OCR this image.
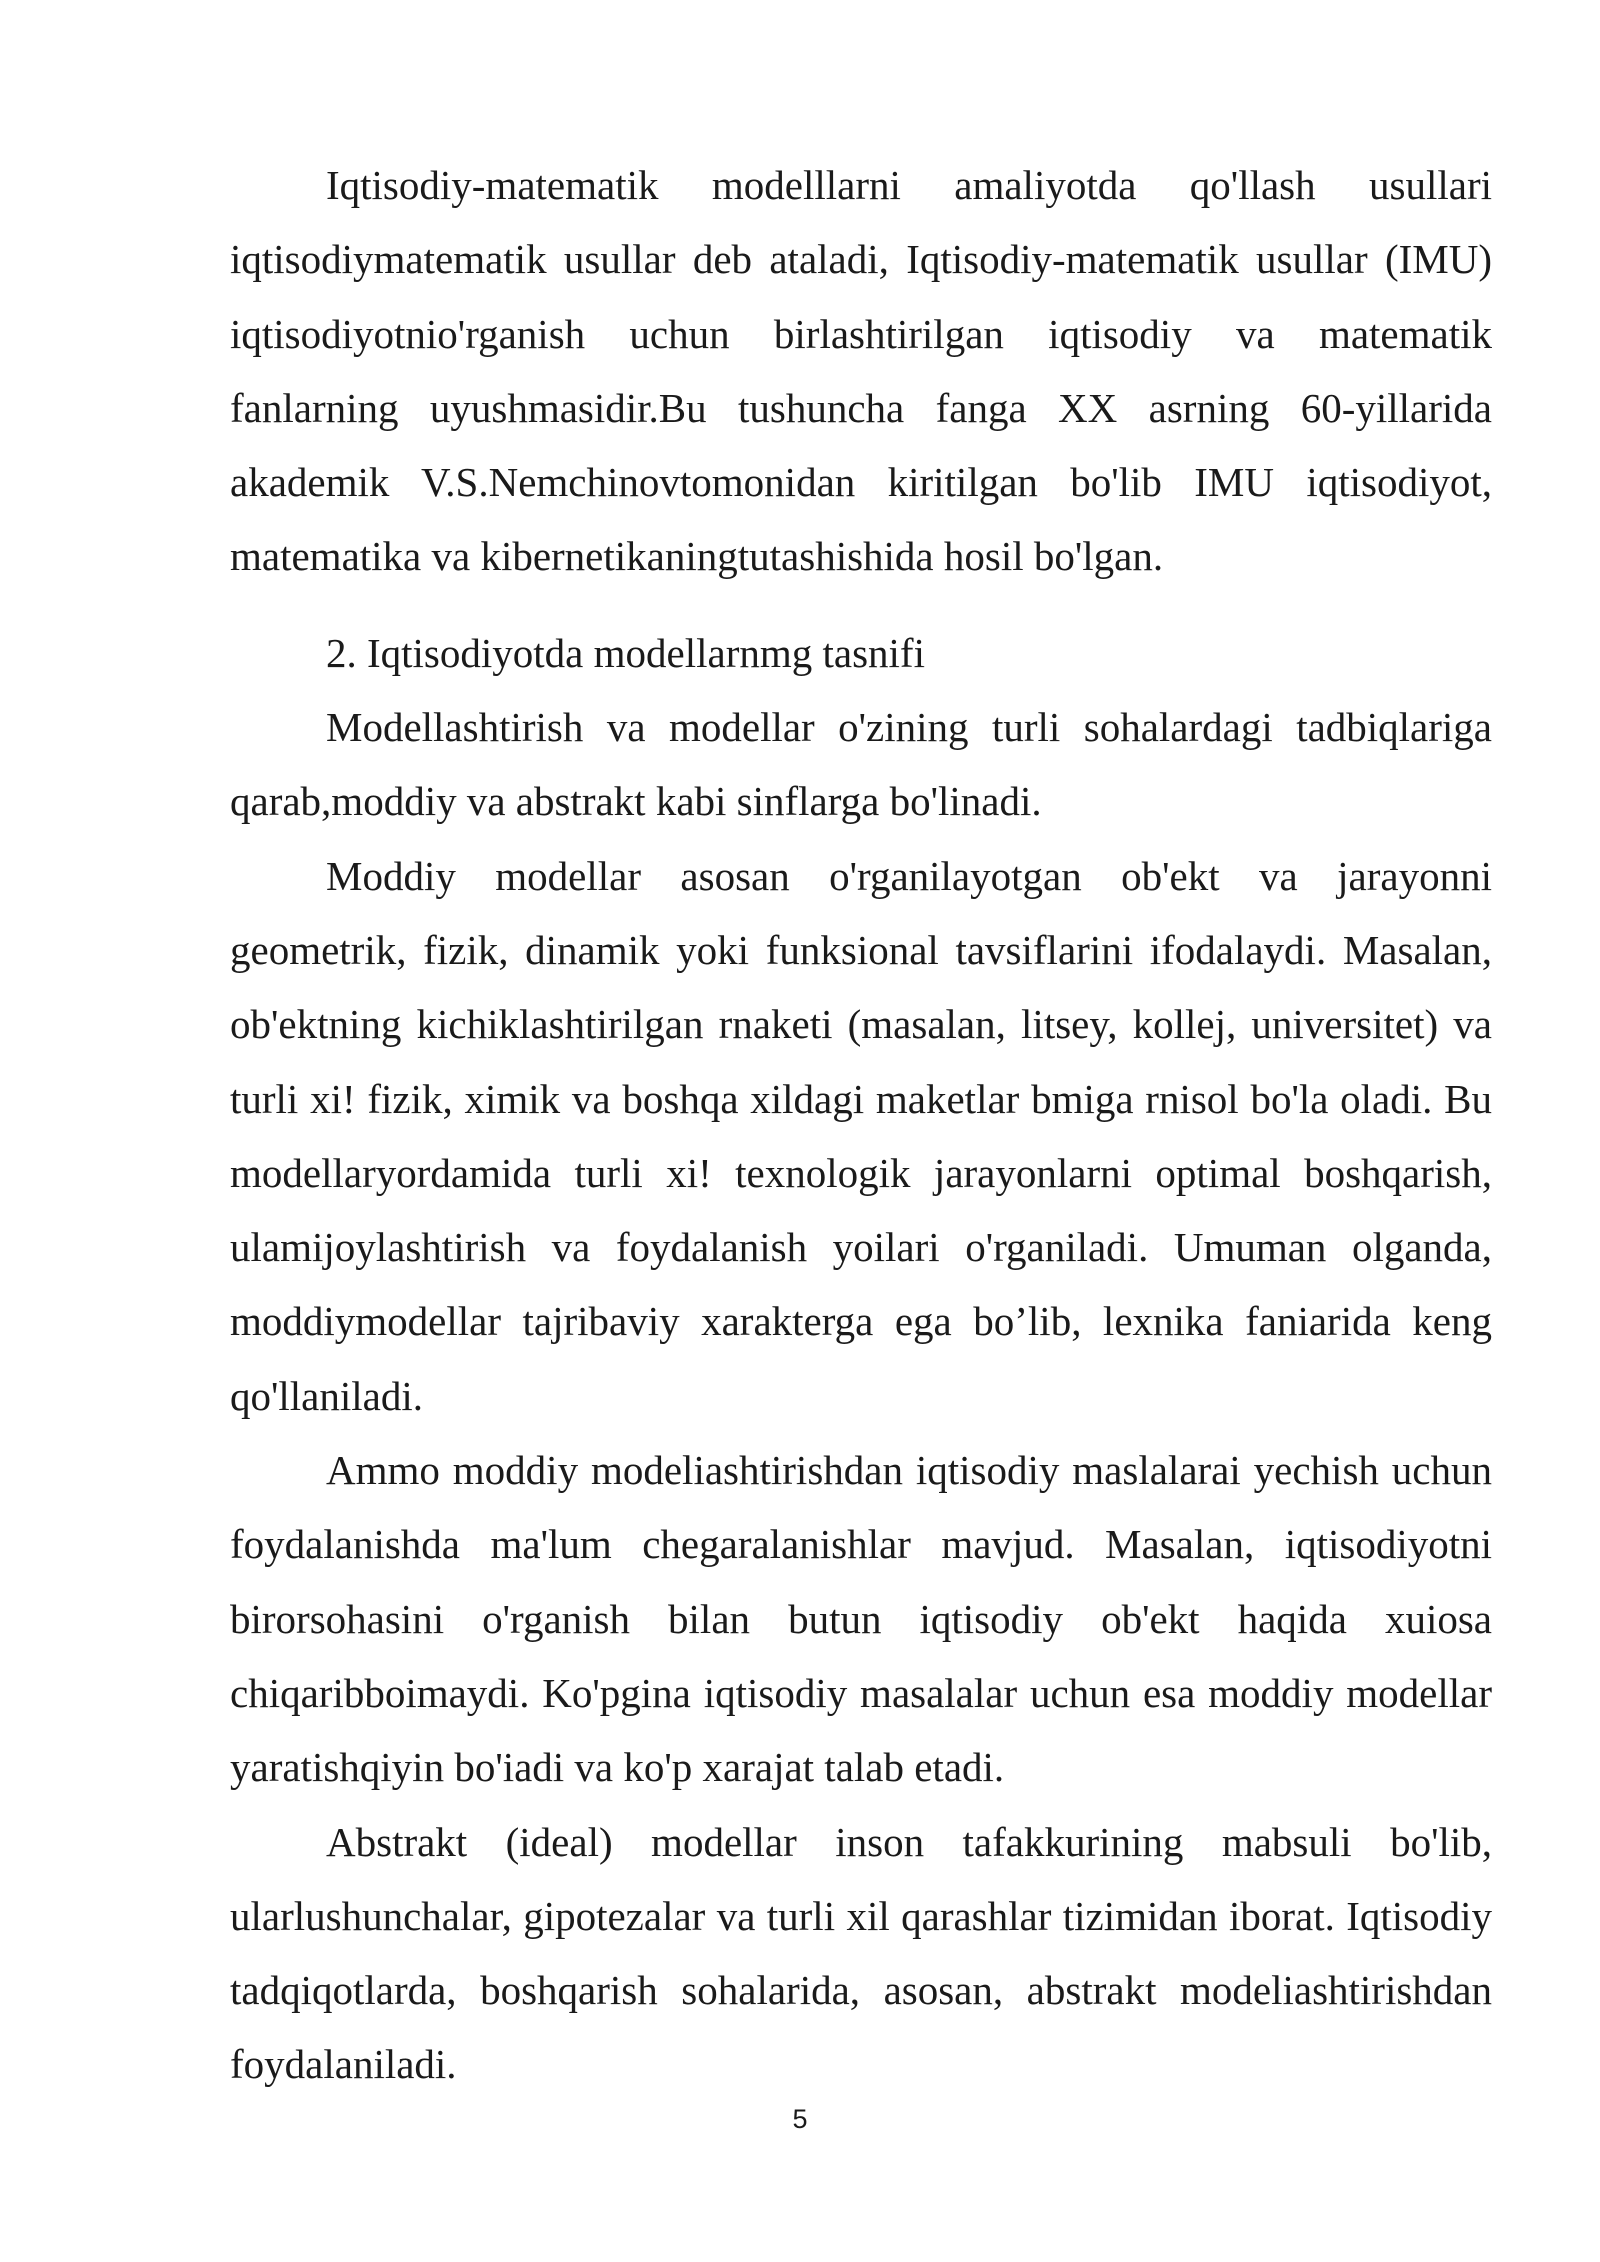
Iqtisodiy-matematik modelllarni amaliyotda qo'llash usullari iqtisodiymatematik usullar deb ataladi, Iqtisodiy-matematik usullar (IMU) iqtisodiyotnio'rganish uchun birlashtirilgan iqtisodiy va matematik fanlarning uyushmasidir.Bu tushuncha fanga XX asrning 60-yillarida akademik V.S.Nemchinovtomonidan kiritilgan bo'lib IMU iqtisodiyot, matematika va kibernetikaningtutashishida hosil bo'lgan.

2. Iqtisodiyotda modellarnmg tasnifi

Modellashtirish va modellar o'zining turli sohalardagi tadbiqlariga qarab,moddiy va abstrakt kabi sinflarga bo'linadi.

Moddiy modellar asosan o'rganilayotgan ob'ekt va jarayonni geometrik, fizik, dinamik yoki funksional tavsiflarini ifodalaydi. Masalan, ob'ektning kichiklashtirilgan rnaketi (masalan, litsey, kollej, universitet) va turli xi! fizik, ximik va boshqa xildagi maketlar bmiga rnisol bo'la oladi. Bu modellaryordamida turli xi! texnologik jarayonlarni optimal boshqarish, ulamijoylashtirish va foydalanish yoilari o'rganiladi. Umuman olganda, moddiymodellar tajribaviy xarakterga ega bo’lib, lexnika faniarida keng qo'llaniladi.

Ammo moddiy modeliashtirishdan iqtisodiy maslalarai yechish uchun foydalanishda ma'lum chegaralanishlar mavjud. Masalan, iqtisodiyotni birorsohasini o'rganish bilan butun iqtisodiy ob'ekt haqida xuiosa chiqaribboimaydi. Ko'pgina iqtisodiy masalalar uchun esa moddiy modellar yaratishqiyin bo'iadi va ko'p xarajat talab etadi.

Abstrakt (ideal) modellar inson tafakkurining mabsuli bo'lib, ularlushunchalar, gipotezalar va turli xil qarashlar tizimidan iborat. Iqtisodiy tadqiqotlarda, boshqarish sohalarida, asosan, abstrakt modeliashtirishdan foydalaniladi.

5
